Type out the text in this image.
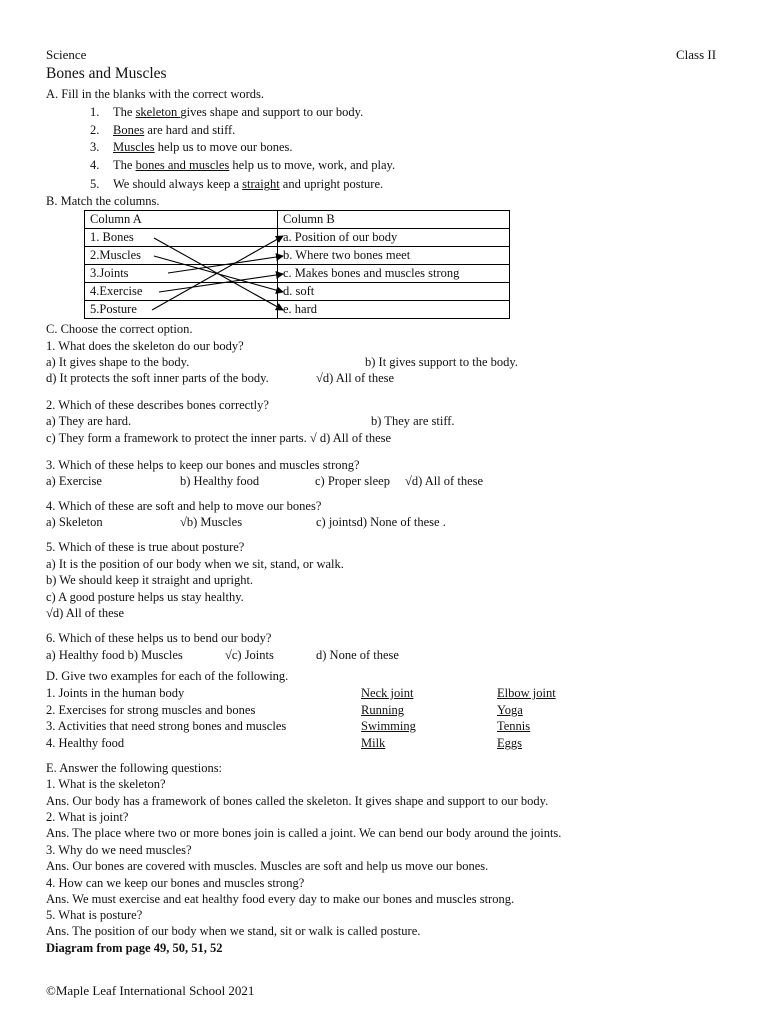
Science	Class II
Bones and Muscles
A. Fill in the blanks with the correct words.
1. The skeleton gives shape and support to our body.
2. Bones are hard and stiff.
3. Muscles help us to move our bones.
4. The bones and muscles help us to move, work, and play.
5. We should always keep a straight and upright posture.
B. Match the columns.
Column A	Column B
1. Bones	a. Position of our body
2.Muscles	b. Where two bones meet
3.Joints	c. Makes bones and muscles strong
4.Exercise	d. soft
5.Posture	e. hard
C. Choose the correct option.
1. What does the skeleton do our body?
a) It gives shape to the body.	b) It gives support to the body.
d) It protects the soft inner parts of the body.	√d) All of these
2. Which of these describes bones correctly?
a) They are hard.	b) They are stiff.
c) They form a framework to protect the inner parts. √ d) All of these
3. Which of these helps to keep our bones and muscles strong?
a) Exercise	b) Healthy food	c) Proper sleep √d) All of these
4. Which of these are soft and help to move our bones?
a) Skeleton	√b) Muscles	c) jointsd) None of these .
5. Which of these is true about posture?
a) It is the position of our body when we sit, stand, or walk.
b) We should keep it straight and upright.
c) A good posture helps us stay healthy.
√d) All of these
6. Which of these helps us to bend our body?
a) Healthy food b) Muscles	√c) Joints	d) None of these
D. Give two examples for each of the following.
1. Joints in the human body	Neck joint	Elbow joint
2. Exercises for strong muscles and bones	Running	Yoga
3. Activities that need strong bones and muscles	Swimming	Tennis
4. Healthy food	Milk	Eggs
E. Answer the following questions:
1. What is the skeleton?
Ans. Our body has a framework of bones called the skeleton. It gives shape and support to our body.
2. What is joint?
Ans. The place where two or more bones join is called a joint. We can bend our body around the joints.
3. Why do we need muscles?
Ans. Our bones are covered with muscles. Muscles are soft and help us move our bones.
4. How can we keep our bones and muscles strong?
Ans. We must exercise and eat healthy food every day to make our bones and muscles strong.
5. What is posture?
Ans. The position of our body when we stand, sit or walk is called posture.
Diagram from page 49, 50, 51, 52
©Maple Leaf International School 2021
